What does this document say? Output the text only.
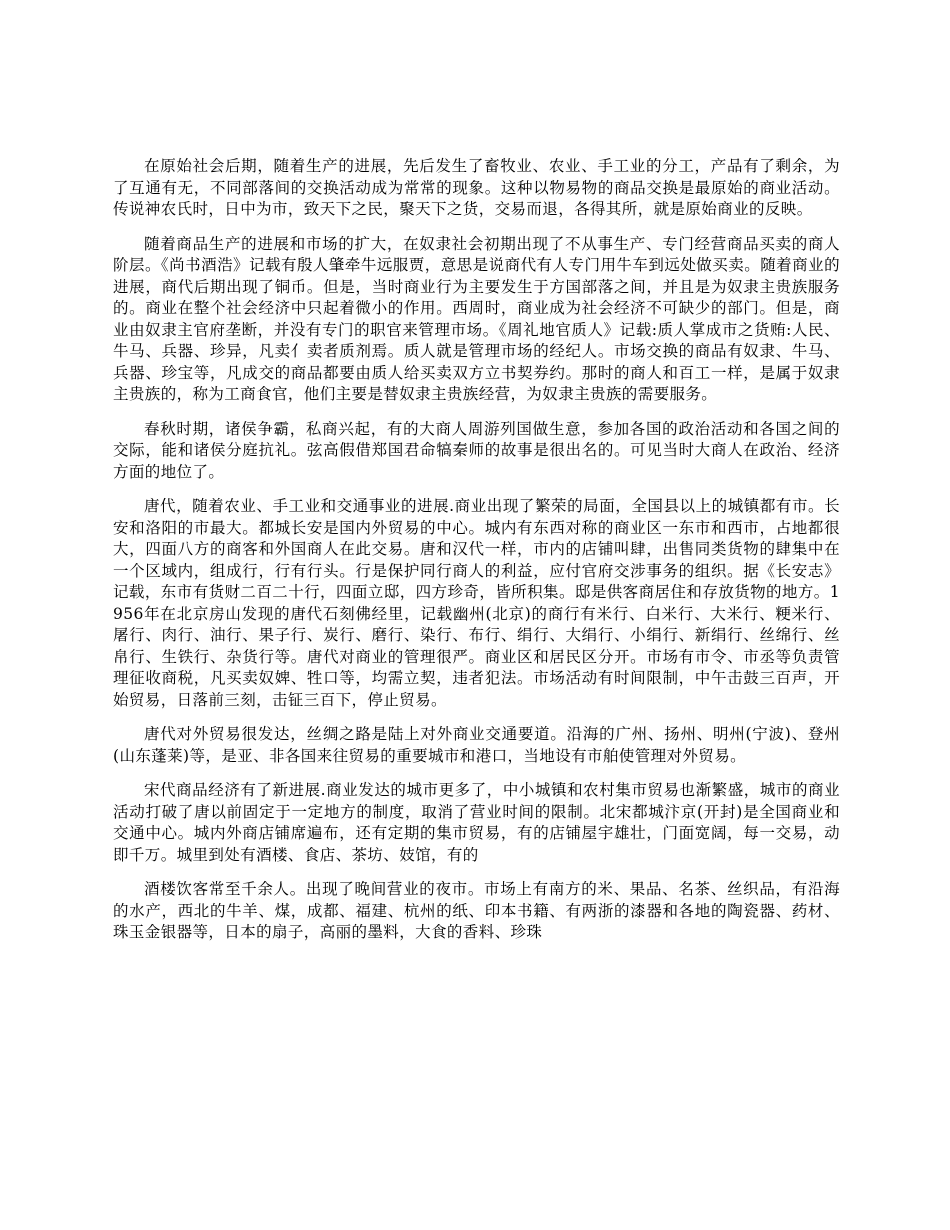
在原始社会后期，随着生产的进展，先后发生了畜牧业、农业、手工业的分工，产品有了剩余，为了互通有无，不同部落间的交换活动成为常常的现象。这种以物易物的商品交换是最原始的商业活动。传说神农氏时，日中为市，致天下之民，聚天下之货，交易而退，各得其所，就是原始商业的反映。

随着商品生产的进展和市场的扩大，在奴隶社会初期出现了不从事生产、专门经营商品买卖的商人阶层。《尚书酒浩》记载有殷人肇牵牛远服贾，意思是说商代有人专门用牛车到远处做买卖。随着商业的进展，商代后期出现了铜币。但是，当时商业行为主要发生于方国部落之间，并且是为奴隶主贵族服务的。商业在整个社会经济中只起着微小的作用。西周时，商业成为社会经济不可缺少的部门。但是，商业由奴隶主官府垄断，并没有专门的职官来管理市场。《周礼地官质人》记载:质人掌成市之货贿:人民、牛马、兵器、珍异，凡卖亻卖者质剂焉。质人就是管理市场的经纪人。市场交换的商品有奴隶、牛马、兵器、珍宝等，凡成交的商品都要由质人给买卖双方立书契券约。那时的商人和百工一样，是属于奴隶主贵族的，称为工商食官，他们主要是替奴隶主贵族经营，为奴隶主贵族的需要服务。

春秋时期，诸侯争霸，私商兴起，有的大商人周游列国做生意，参加各国的政治活动和各国之间的交际，能和诸侯分庭抗礼。弦高假借郑国君命犒秦师的故事是很出名的。可见当时大商人在政治、经济方面的地位了。

唐代，随着农业、手工业和交通事业的进展.商业出现了繁荣的局面，全国县以上的城镇都有市。长安和洛阳的市最大。都城长安是国内外贸易的中心。城内有东西对称的商业区一东市和西市，占地都很大，四面八方的商客和外国商人在此交易。唐和汉代一样，市内的店铺叫肆，出售同类货物的肆集中在一个区域内，组成行，行有行头。行是保护同行商人的利益，应付官府交涉事务的组织。据《长安志》记载，东市有货财二百二十行，四面立邸，四方珍奇，皆所积集。邸是供客商居住和存放货物的地方。1956年在北京房山发现的唐代石刻佛经里，记载幽州(北京)的商行有米行、白米行、大米行、粳米行、屠行、肉行、油行、果子行、炭行、磨行、染行、布行、绢行、大绢行、小绢行、新绢行、丝绵行、丝帛行、生铁行、杂货行等。唐代对商业的管理很严。商业区和居民区分开。市场有市令、市丞等负责管理征收商税，凡买卖奴婢、牲口等，均需立契，违者犯法。市场活动有时间限制，中午击鼓三百声，开始贸易，日落前三刻，击钲三百下，停止贸易。

唐代对外贸易很发达，丝绸之路是陆上对外商业交通要道。沿海的广州、扬州、明州(宁波)、登州(山东蓬莱)等，是亚、非各国来往贸易的重要城市和港口，当地设有市舶使管理对外贸易。

宋代商品经济有了新进展.商业发达的城市更多了，中小城镇和农村集市贸易也渐繁盛，城市的商业活动打破了唐以前固定于一定地方的制度，取消了营业时间的限制。北宋都城汴京(开封)是全国商业和交通中心。城内外商店铺席遍布，还有定期的集市贸易，有的店铺屋宇雄壮，门面宽阔，每一交易，动即千万。城里到处有酒楼、食店、茶坊、妓馆，有的

酒楼饮客常至千余人。出现了晚间营业的夜市。市场上有南方的米、果品、名茶、丝织品，有沿海的水产，西北的牛羊、煤，成都、福建、杭州的纸、印本书籍、有两浙的漆器和各地的陶瓷器、药材、珠玉金银器等，日本的扇子，高丽的墨料，大食的香料、珍珠
